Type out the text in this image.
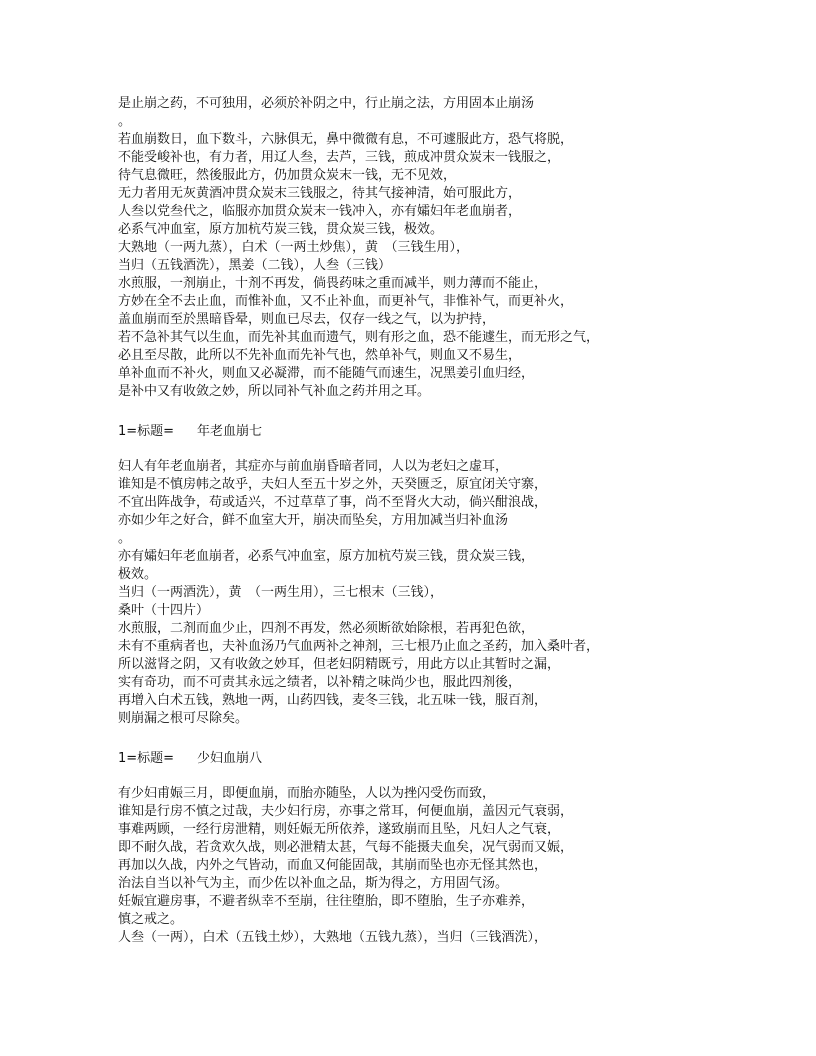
是止崩之药，不可独用，必须於补阴之中，行止崩之法，方用固本止崩汤
。
若血崩数日，血下数斗，六脉俱无，鼻中微微有息，不可遽服此方，恐气将脱，
不能受峻补也，有力者，用辽人叁，去芦，三钱，煎成冲贯众炭末一钱服之，
待气息微旺，然後服此方，仍加贯众炭末一钱，无不见效，
无力者用无灰黄酒冲贯众炭末三钱服之，待其气接神清，始可服此方，
人叁以党叁代之，临服亦加贯众炭末一钱冲入，亦有孀妇年老血崩者，
必系气冲血室，原方加杭芍炭三钱，贯众炭三钱，极效。
大熟地（一两九蒸），白术（一两土炒焦），黄　（三钱生用），
当归（五钱酒洗），黑姜（二钱），人叁（三钱）
水煎服，一剂崩止，十剂不再发，倘畏药味之重而减半，则力薄而不能止，
方妙在全不去止血，而惟补血，又不止补血，而更补气，非惟补气，而更补火，
盖血崩而至於黑暗昏晕，则血已尽去，仅存一线之气，以为护持，
若不急补其气以生血，而先补其血而遗气，则有形之血，恐不能遽生，而无形之气，
必且至尽散，此所以不先补血而先补气也，然单补气，则血又不易生，
单补血而不补火，则血又必凝滞，而不能随气而速生，况黑姜引血归经，
是补中又有收敛之妙，所以同补气补血之药并用之耳。
1=标题= 年老血崩七
妇人有年老血崩者，其症亦与前血崩昏暗者同，人以为老妇之虚耳，
谁知是不慎房帏之故乎，夫妇人至五十岁之外，天癸匮乏，原宜闭关守寨，
不宜出阵战争，苟或适兴，不过草草了事，尚不至肾火大动，倘兴酣浪战，
亦如少年之好合，鲜不血室大开，崩决而坠矣，方用加减当归补血汤
。
亦有孀妇年老血崩者，必系气冲血室，原方加杭芍炭三钱，贯众炭三钱，
极效。
当归（一两酒洗），黄　（一两生用），三七根末（三钱），
桑叶（十四片）
水煎服，二剂而血少止，四剂不再发，然必须断欲始除根，若再犯色欲，
未有不重病者也，夫补血汤乃气血两补之神剂，三七根乃止血之圣药，加入桑叶者，
所以滋肾之阴，又有收敛之妙耳，但老妇阴精既亏，用此方以止其暂时之漏，
实有奇功，而不可责其永远之绩者，以补精之味尚少也，服此四剂後，
再增入白术五钱，熟地一两，山药四钱，麦冬三钱，北五味一钱，服百剂，
则崩漏之根可尽除矣。
1=标题= 少妇血崩八
有少妇甫娠三月，即便血崩，而胎亦随坠，人以为挫闪受伤而致，
谁知是行房不慎之过哉，夫少妇行房，亦事之常耳，何便血崩，盖因元气衰弱，
事难两顾，一经行房泄精，则妊娠无所依养，遂致崩而且坠，凡妇人之气衰，
即不耐久战，若贪欢久战，则必泄精太甚，气每不能摄夫血矣，况气弱而又娠，
再加以久战，内外之气皆动，而血又何能固哉，其崩而坠也亦无怪其然也，
治法自当以补气为主，而少佐以补血之品，斯为得之，方用固气汤。
妊娠宜避房事，不避者纵幸不至崩，往往堕胎，即不堕胎，生子亦难养，
慎之戒之。
人叁（一两），白术（五钱土炒），大熟地（五钱九蒸），当归（三钱酒洗），
